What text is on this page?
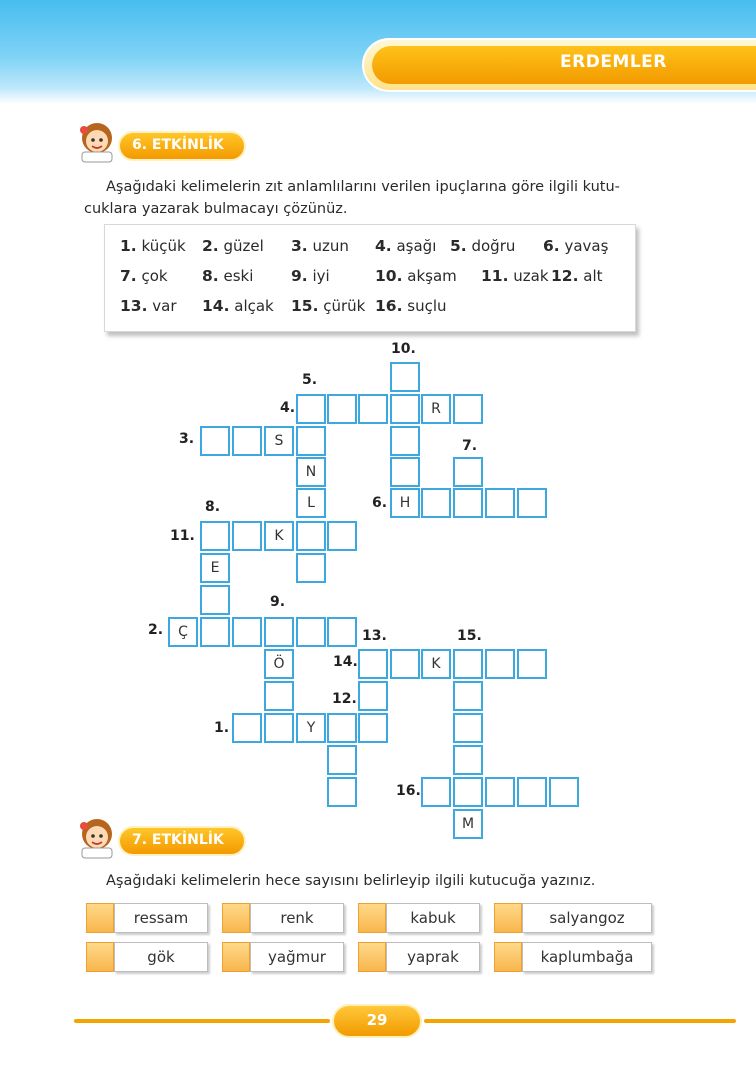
ERDEMLER
6. ETKİNLİK
Aşağıdaki kelimelerin zıt anlamlılarını verilen ipuçlarına göre ilgili kutu-
cuklara yazarak bulmacayı çözünüz.
1. küçük 2. güzel 3. uzun 4. aşağı 5. doğru 6. yavaş
7. çok 8. eski 9. iyi	10. akşam 11. uzak 12. alt
13. var 14. alçak 15. çürük 16. suçlu
10.
5.
4.
3.	7.
6.
8.
11.
9.
2.	13.	15.
14.
12.
1.
16.
R
S
N
L	H
K
E
Ç
Ö	K
Y
M
7. ETKİNLİK
Aşağıdaki kelimelerin hece sayısını belirleyip ilgili kutucuğa yazınız.
ressam	renk	kabuk	salyangoz
gök	yağmur	yaprak	kaplumbağa
29
